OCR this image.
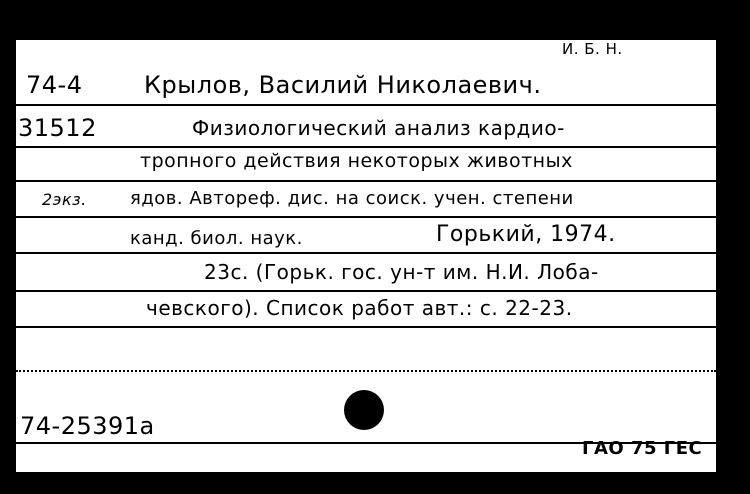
И. Б. Н.
74-4	Крылов, Василий Николаевич.
31512	Физиологический анализ кардио-
тропного действия некоторых животных
2экз. ядов. Автореф. дис. на соиск. учен. степени
канд. биол. наук.	Горький, 1974.
23с. (Горьк. гос. ун-т им. Н.И. Лоба-
чевского). Список работ авт.: с. 22-23.
74-25391а
ГАО 75 ГЕС
